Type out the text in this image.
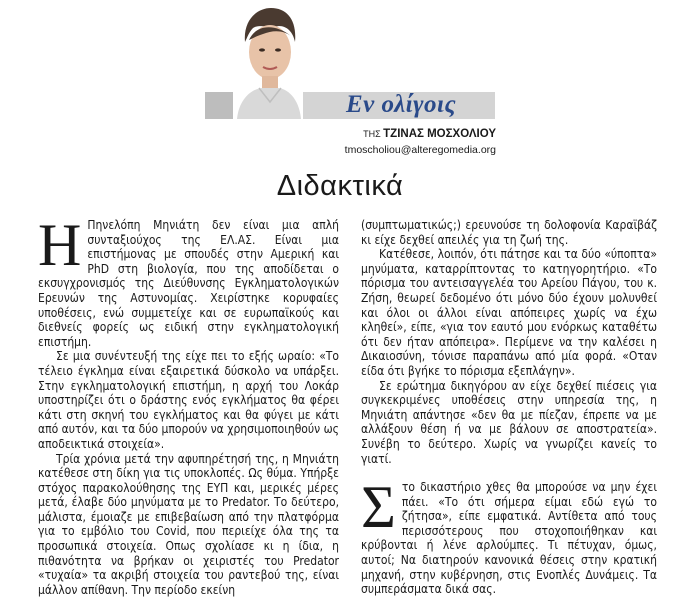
Εν ολίγοις
ΤΗΣ ΤΖΙΝΑΣ ΜΟΣΧΟΛΙΟΥ
tmoscholiou@alteregomedia.org
Διδακτικά

Η Πηνελόπη Μηνιάτη δεν είναι μια απλή συνταξιούχος της ΕΛ.ΑΣ. Είναι μια επιστήμονας με σπουδές στην Αμερική και PhD στη βιολογία, που της αποδίδεται ο εκσυγχρονισμός της Διεύθυνσης Εγκληματολογικών Ερευνών της Αστυνομίας. Χειρίστηκε κορυφαίες υποθέσεις, ενώ συμμετείχε και σε ευρωπαϊκούς και διεθνείς φορείς ως ειδική στην εγκληματολογική επιστήμη.

Σε μια συνέντευξή της είχε πει το εξής ωραίο: «Το τέλειο έγκλημα είναι εξαιρετικά δύσκολο να υπάρξει. Στην εγκληματολογική επιστήμη, η αρχή του Λοκάρ υποστηρίζει ότι ο δράστης ενός εγκλήματος θα φέρει κάτι στη σκηνή του εγκλήματος και θα φύγει με κάτι από αυτόν, και τα δύο μπορούν να χρησιμοποιηθούν ως αποδεικτικά στοιχεία».

Τρία χρόνια μετά την αφυπηρέτησή της, η Μηνιάτη κατέθεσε στη δίκη για τις υποκλοπές. Ως θύμα. Υπήρξε στόχος παρακολούθησης της ΕΥΠ και, μερικές μέρες μετά, έλαβε δύο μηνύματα με το Predator. Το δεύτερο, μάλιστα, έμοιαζε με επιβεβαίωση από την πλατφόρμα για το εμβόλιο του Covid, που περιείχε όλα της τα προσωπικά στοιχεία. Οπως σχολίασε κι η ίδια, η πιθανότητα να βρήκαν οι χειριστές του Predator «τυχαία» τα ακριβή στοιχεία του ραντεβού της, είναι μάλλον απίθανη. Την περίοδο εκείνη

(συμπτωματικώς;) ερευνούσε τη δολοφονία Καραϊβάζ κι είχε δεχθεί απειλές για τη ζωή της.

Κατέθεσε, λοιπόν, ότι πάτησε και τα δύο «ύποπτα» μηνύματα, καταρρίπτοντας το κατηγορητήριο. «Το πόρισμα του αντεισαγγελέα του Αρείου Πάγου, του κ. Ζήση, θεωρεί δεδομένο ότι μόνο δύο έχουν μολυνθεί και όλοι οι άλλοι είναι απόπειρες χωρίς να έχω κληθεί», είπε, «για τον εαυτό μου ενόρκως καταθέτω ότι δεν ήταν απόπειρα». Περίμενε να την καλέσει η Δικαιοσύνη, τόνισε παραπάνω από μία φορά. «Οταν είδα ότι βγήκε το πόρισμα εξεπλάγην».

Σε ερώτημα δικηγόρου αν είχε δεχθεί πιέσεις για συγκεκριμένες υποθέσεις στην υπηρεσία της, η Μηνιάτη απάντησε «δεν θα με πίεζαν, έπρεπε να με αλλάξουν θέση ή να με βάλουν σε αποστρατεία». Συνέβη το δεύτερο. Χωρίς να γνωρίζει κανείς το γιατί.

Στο δικαστήριο χθες θα μπορούσε να μην έχει πάει. «Το ότι σήμερα είμαι εδώ εγώ το ζήτησα», είπε εμφατικά. Αντίθετα από τους περισσότερους που στοχοποιήθηκαν και κρύβονται ή λένε αρλούμπες. Τι πέτυχαν, όμως, αυτοί; Να διατηρούν κανονικά θέσεις στην κρατική μηχανή, στην κυβέρνηση, στις Ενοπλές Δυνάμεις. Τα συμπεράσματα δικά σας.
